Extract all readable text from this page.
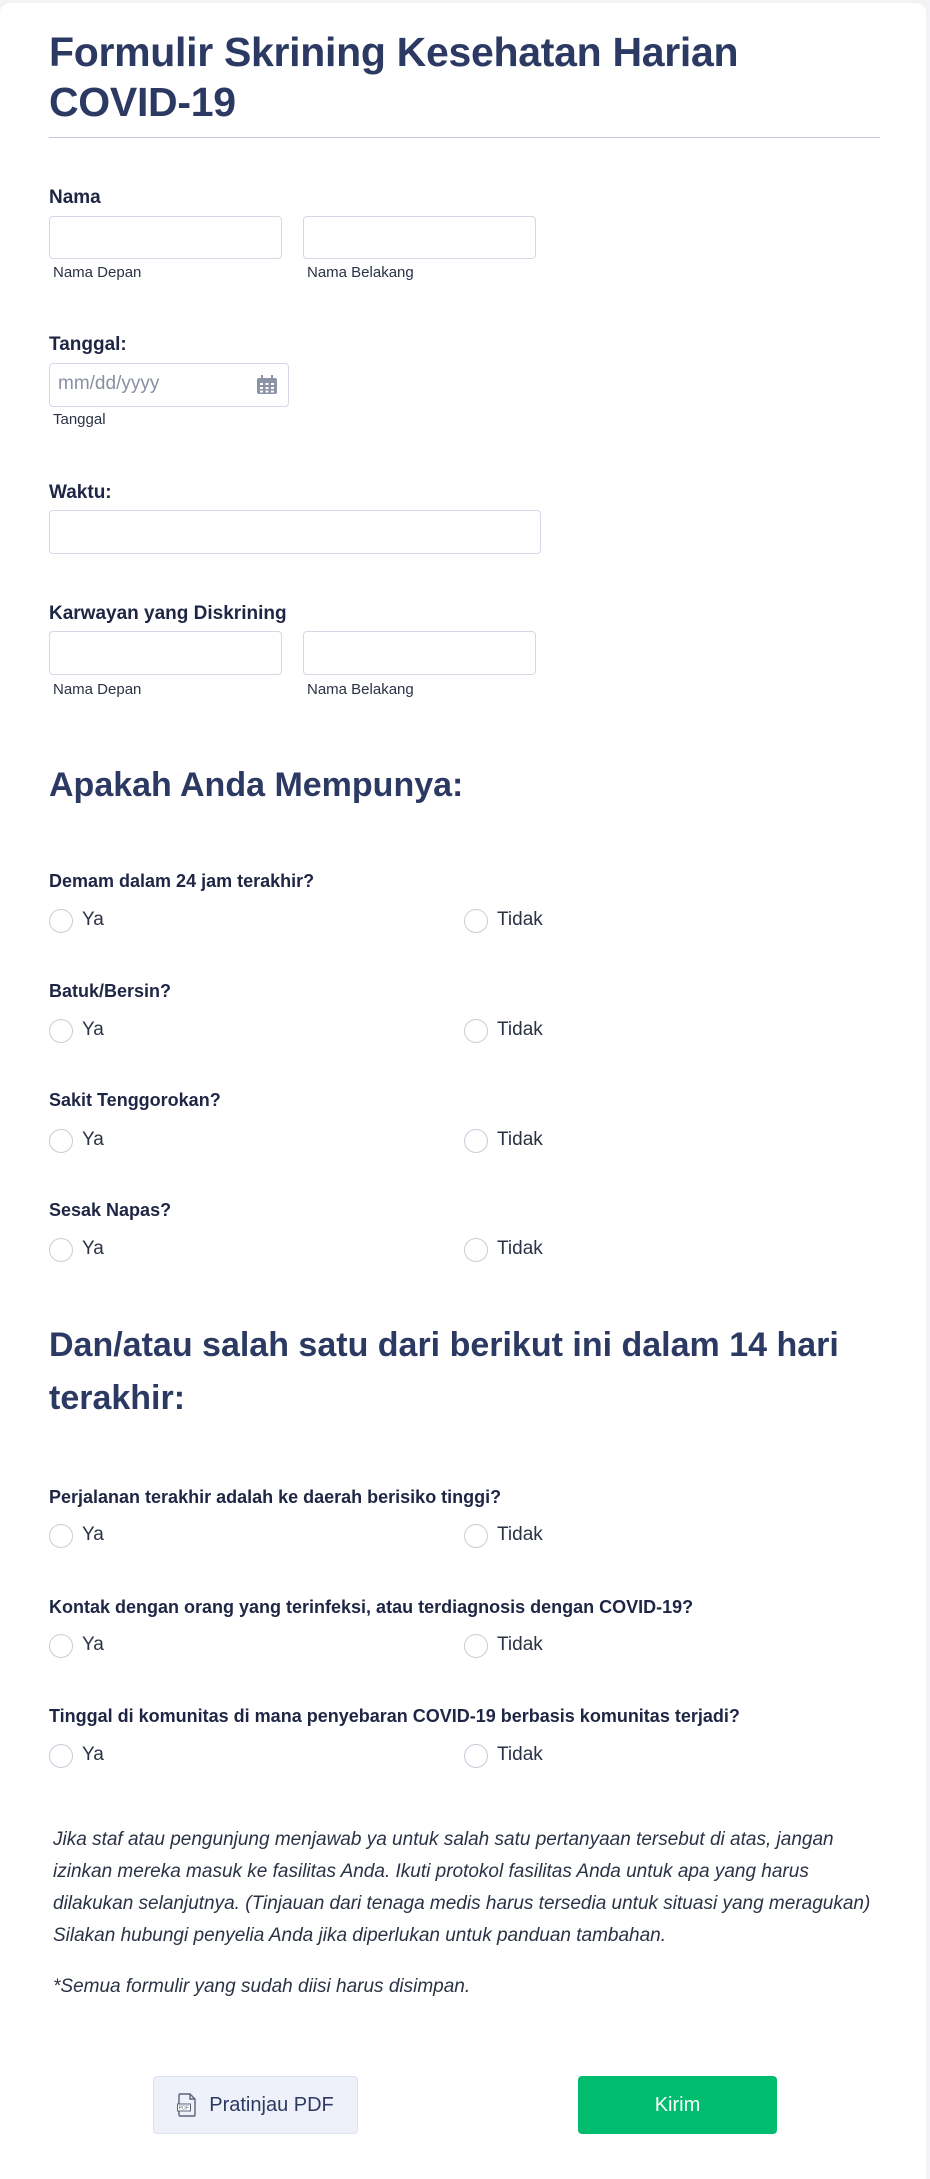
Formulir Skrining Kesehatan Harian COVID-19
Nama
Nama Depan	Nama Belakang
Tanggal:
mm/dd/yyyy
Tanggal
Waktu:
Karwayan yang Diskrining
Nama Depan	Nama Belakang
Apakah Anda Mempunya:
Demam dalam 24 jam terakhir?
Ya	Tidak
Batuk/Bersin?
Ya	Tidak
Sakit Tenggorokan?
Ya	Tidak
Sesak Napas?
Ya	Tidak
Dan/atau salah satu dari berikut ini dalam 14 hari terakhir:
Perjalanan terakhir adalah ke daerah berisiko tinggi?
Ya	Tidak
Kontak dengan orang yang terinfeksi, atau terdiagnosis dengan COVID-19?
Ya	Tidak
Tinggal di komunitas di mana penyebaran COVID-19 berbasis komunitas terjadi?
Ya	Tidak
Jika staf atau pengunjung menjawab ya untuk salah satu pertanyaan tersebut di atas, jangan izinkan mereka masuk ke fasilitas Anda. Ikuti protokol fasilitas Anda untuk apa yang harus dilakukan selanjutnya. (Tinjauan dari tenaga medis harus tersedia untuk situasi yang meragukan) Silakan hubungi penyelia Anda jika diperlukan untuk panduan tambahan.
*Semua formulir yang sudah diisi harus disimpan.
PDF Pratinjau PDF	Kirim
